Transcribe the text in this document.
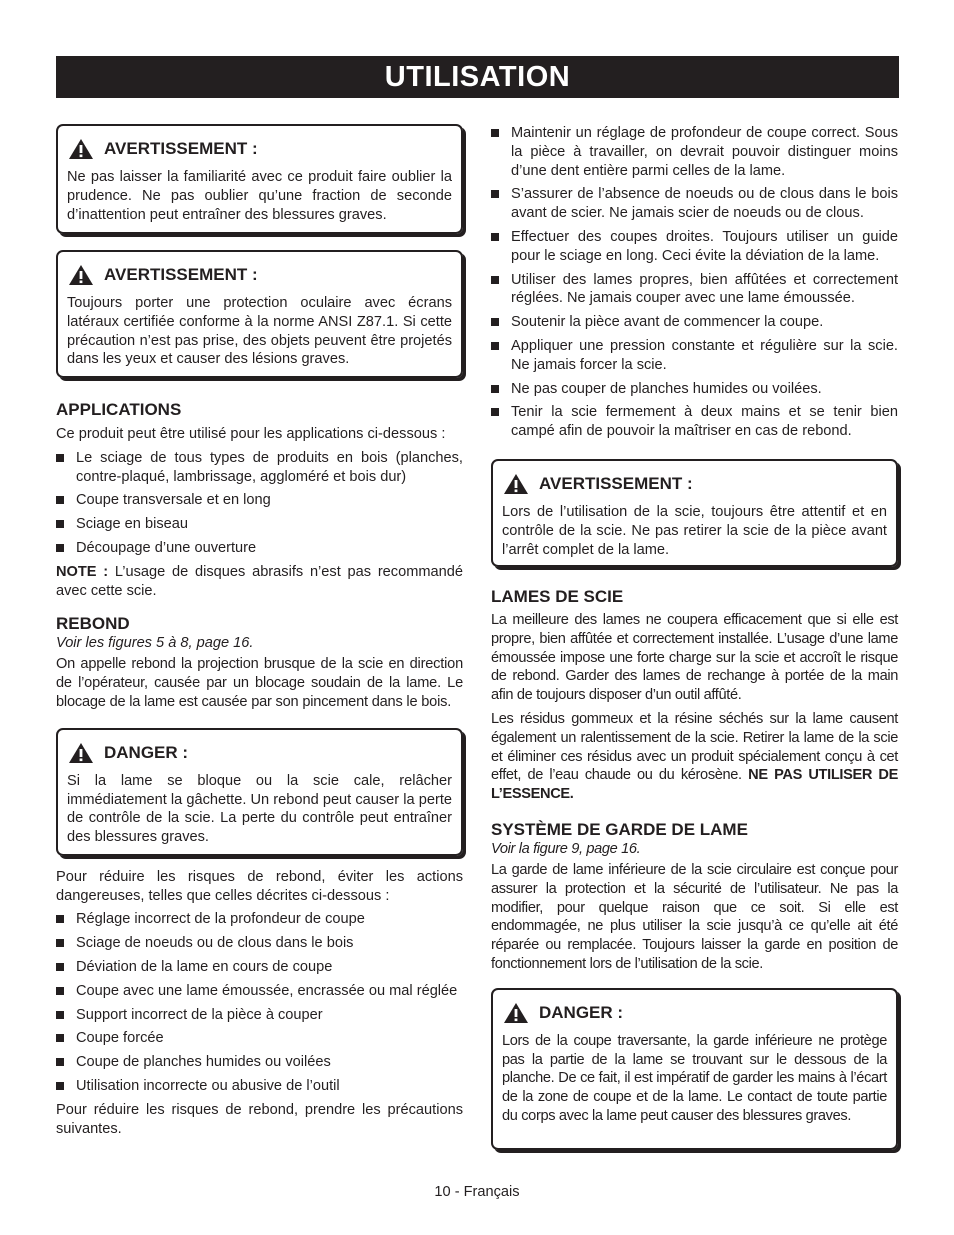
UTILISATION
AVERTISSEMENT :

Ne pas laisser la familiarité avec ce produit faire oublier la prudence. Ne pas oublier qu’une fraction de seconde d’inattention peut entraîner des blessures graves.

AVERTISSEMENT :

Toujours porter une protection oculaire avec écrans latéraux certifiée conforme à la norme ANSI Z87.1. Si cette précaution n’est pas prise, des objets peuvent être projetés dans les yeux et causer des lésions graves.

APPLICATIONS

Ce produit peut être utilisé pour les applications ci-dessous :

Le sciage de tous types de produits en bois (planches, contre-plaqué, lambrissage, aggloméré et bois dur)
Coupe transversale et en long
Sciage en biseau
Découpage d’une ouverture

NOTE : L’usage de disques abrasifs n’est pas recommandé avec cette scie.

REBOND

Voir les figures 5 à 8, page 16.

On appelle rebond la projection brusque de la scie en direction de l’opérateur, causée par un blocage soudain de la lame. Le blocage de la lame est causée par son pincement dans le bois.

DANGER :

Si la lame se bloque ou la scie cale, relâcher immédiatement la gâchette. Un rebond peut causer la perte de contrôle de la scie. La perte du contrôle peut entraîner des blessures graves.

Pour réduire les risques de rebond, éviter les actions dangereuses, telles que celles décrites ci-dessous :

Réglage incorrect de la profondeur de coupe
Sciage de noeuds ou de clous dans le bois
Déviation de la lame en cours de coupe
Coupe avec une lame émoussée, encrassée ou mal réglée
Support incorrect de la pièce à couper
Coupe forcée
Coupe de planches humides ou voilées
Utilisation incorrecte ou abusive de l’outil

Pour réduire les risques de rebond, prendre les précautions suivantes.

Maintenir un réglage de profondeur de coupe correct. Sous la pièce à travailler, on devrait pouvoir distinguer moins d’une dent entière parmi celles de la lame.
S’assurer de l’absence de noeuds ou de clous dans le bois avant de scier. Ne jamais scier de noeuds ou de clous.
Effectuer des coupes droites. Toujours utiliser un guide pour le sciage en long. Ceci évite la déviation de la lame.
Utiliser des lames propres, bien affûtées et correctement réglées. Ne jamais couper avec une lame émoussée.
Soutenir la pièce avant de commencer la coupe.
Appliquer une pression constante et régulière sur la scie. Ne jamais forcer la scie.
Ne pas couper de planches humides ou voilées.
Tenir la scie fermement à deux mains et se tenir bien campé afin de pouvoir la maîtriser en cas de rebond.
AVERTISSEMENT :

Lors de l’utilisation de la scie, toujours être attentif et en contrôle de la scie. Ne pas retirer la scie de la pièce avant l’arrêt complet de la lame.

LAMES DE SCIE

La meilleure des lames ne coupera efficacement que si elle est propre, bien affûtée et correctement installée. L’usage d’une lame émoussée impose une forte charge sur la scie et accroît le risque de rebond. Garder des lames de rechange à portée de la main afin de toujours disposer d’un outil affûté.

Les résidus gommeux et la résine séchés sur la lame causent également un ralentissement de la scie. Retirer la lame de la scie et éliminer ces résidus avec un produit spécialement conçu à cet effet, de l’eau chaude ou du kérosène. NE PAS UTILISER DE L’ESSENCE.

SYSTÈME DE GARDE DE LAME

Voir la figure 9, page 16.

La garde de lame inférieure de la scie circulaire est conçue pour assurer la protection et la sécurité de l’utilisateur. Ne pas la modifier, pour quelque raison que ce soit. Si elle est endommagée, ne plus utiliser la scie jusqu’à ce qu’elle ait été réparée ou remplacée. Toujours laisser la garde en position de fonctionnement lors de l’utilisation de la scie.

DANGER :

Lors de la coupe traversante, la garde inférieure ne protège pas la partie de la lame se trouvant sur le dessous de la planche. De ce fait, il est impératif de garder les mains à l’écart de la zone de coupe et de la lame. Le contact de toute partie du corps avec la lame peut causer des blessures graves.

10 - Français
